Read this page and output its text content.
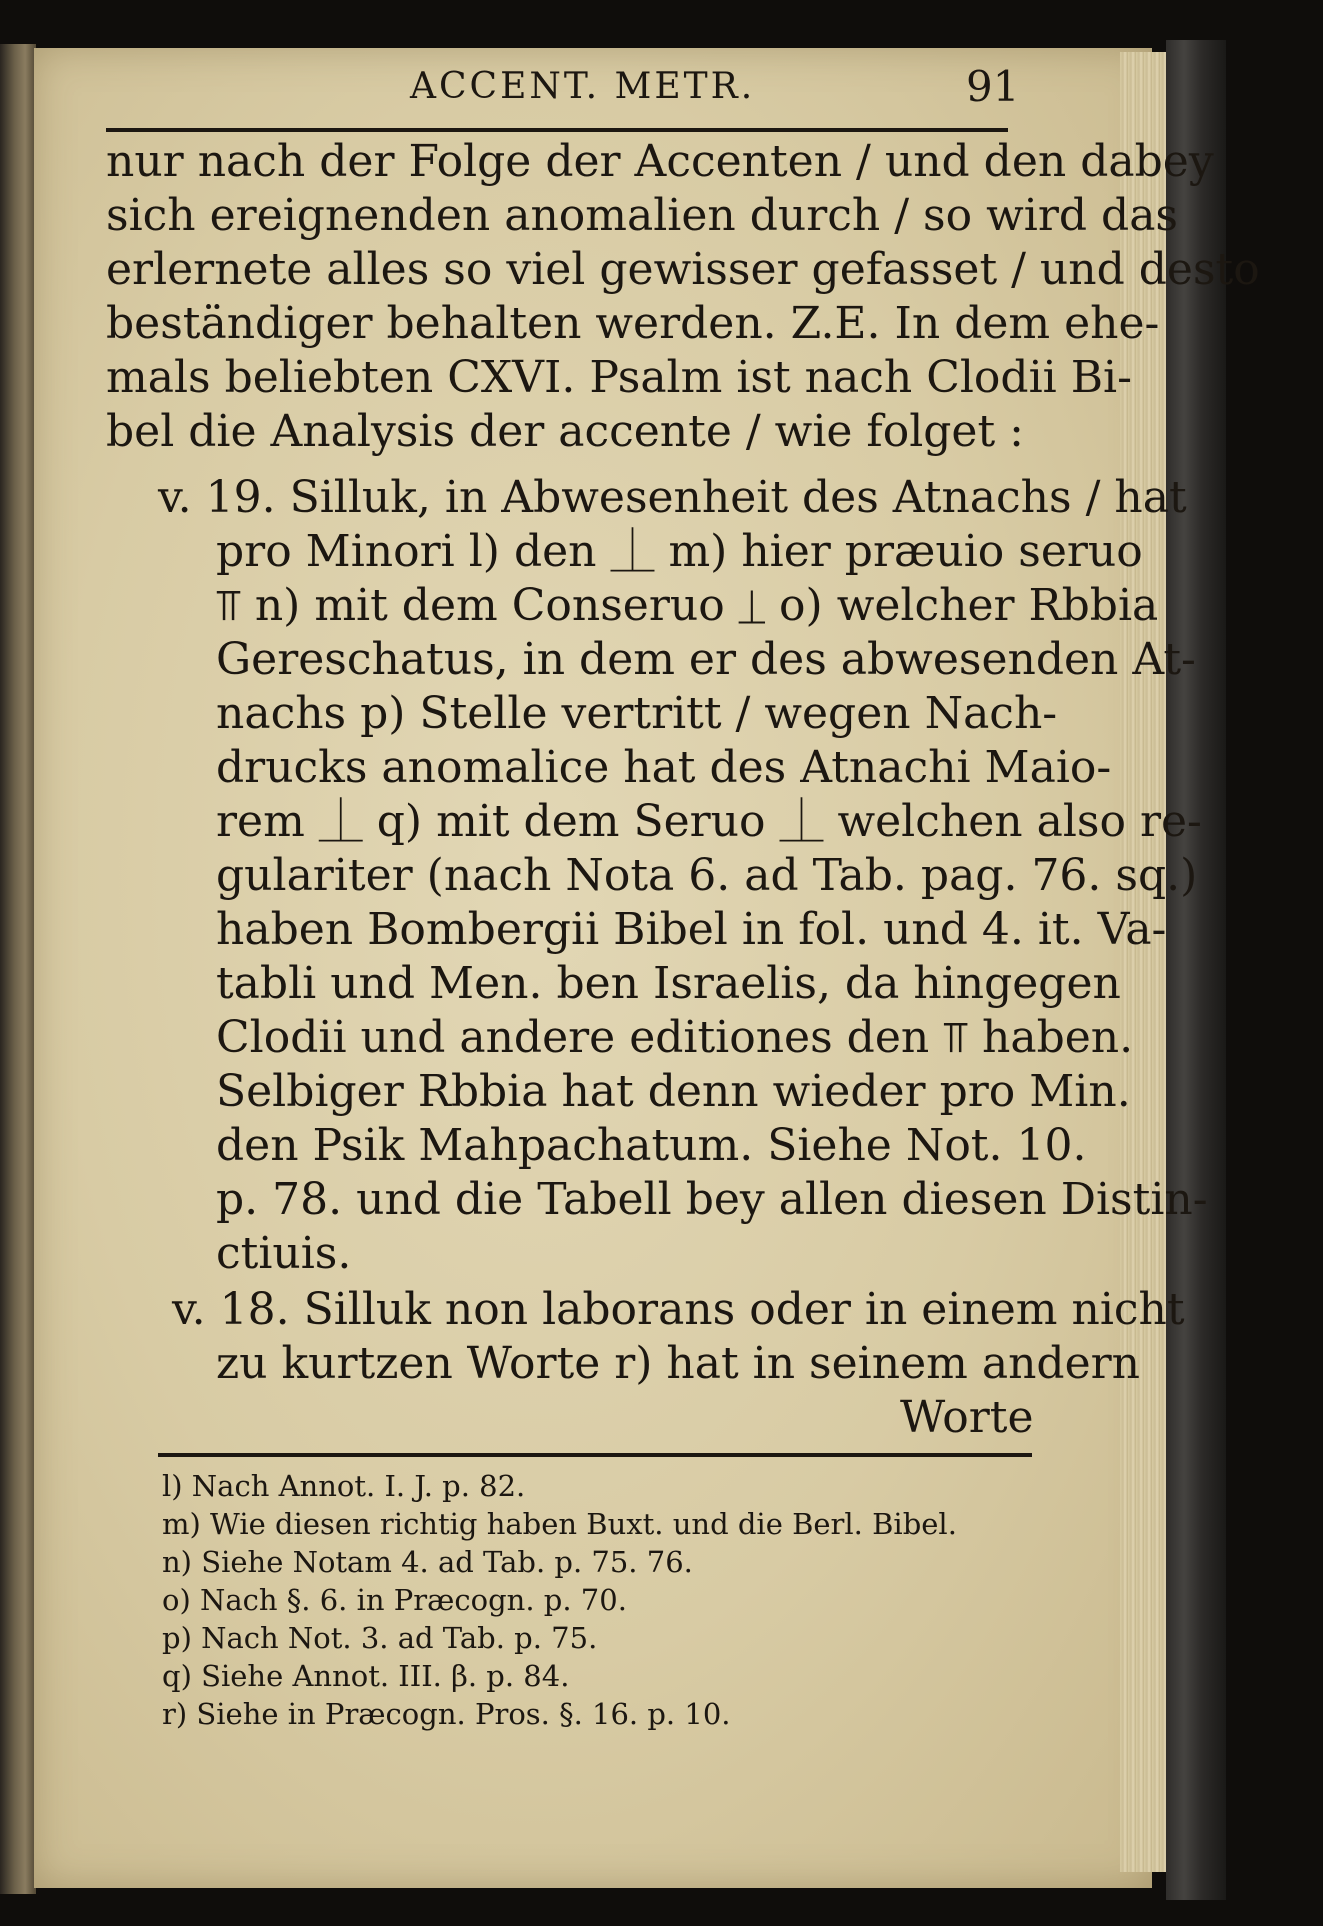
ACCENT. METR.	91
nur nach der Folge der Accenten / und den dabey
sich ereignenden anomalien durch / so wird das
erlernete alles so viel gewisser gefasset / und desto
beständiger behalten werden. Z.E. In dem ehe-
mals beliebten CXVI. Psalm ist nach Clodii Bi-
bel die Analysis der accente / wie folget :
v. 19. Silluk, in Abwesenheit des Atnachs / hat
pro Minori l) den ⏊ m) hier præuio seruo
⫪ n) mit dem Conseruo ⏊ o) welcher Rbbia
Gereschatus, in dem er des abwesenden At-
nachs p) Stelle vertritt / wegen Nach-
drucks anomalice hat des Atnachi Maio-
rem ⏊ q) mit dem Seruo ⏊ welchen also re-
gulariter (nach Nota 6. ad Tab. pag. 76. sq.)
haben Bombergii Bibel in fol. und 4. it. Va-
tabli und Men. ben Israelis, da hingegen
Clodii und andere editiones den ⫪ haben.
Selbiger Rbbia hat denn wieder pro Min.
den Psik Mahpachatum. Siehe Not. 10.
p. 78. und die Tabell bey allen diesen Distin-
ctiuis.
v. 18. Silluk non laborans oder in einem nicht
zu kurtzen Worte r) hat in seinem andern
Worte
l) Nach Annot. I. J. p. 82.
m) Wie diesen richtig haben Buxt. und die Berl. Bibel.
n) Siehe Notam 4. ad Tab. p. 75. 76.
o) Nach §. 6. in Præcogn. p. 70.
p) Nach Not. 3. ad Tab. p. 75.
q) Siehe Annot. III. β. p. 84.
r) Siehe in Præcogn. Pros. §. 16. p. 10.
